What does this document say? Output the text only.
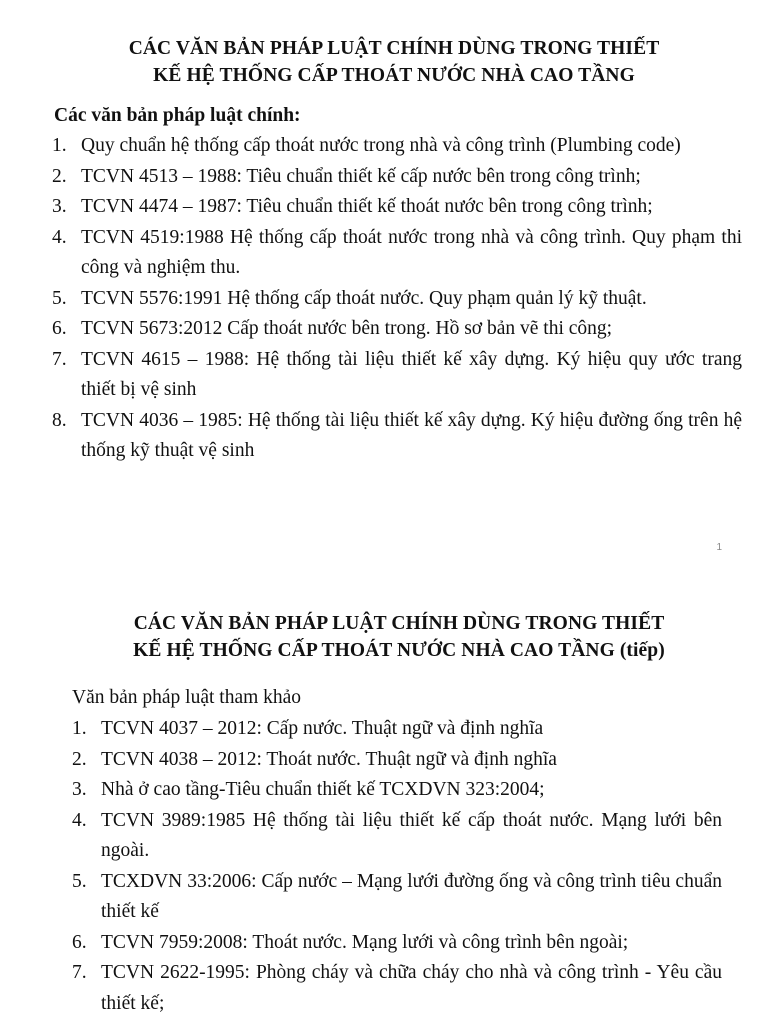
CÁC VĂN BẢN PHÁP LUẬT CHÍNH DÙNG TRONG THIẾT
KẾ HỆ THỐNG CẤP THOÁT NƯỚC NHÀ CAO TẦNG
Các văn bản pháp luật chính:
1. Quy chuẩn hệ thống cấp thoát nước trong nhà và công trình (Plumbing code)
2. TCVN 4513 – 1988: Tiêu chuẩn thiết kế cấp nước bên trong công trình;
3. TCVN 4474 – 1987: Tiêu chuẩn thiết kế thoát nước bên trong công trình;
4. TCVN 4519:1988 Hệ thống cấp thoát nước trong nhà và công trình. Quy phạm thi công và nghiệm thu.
5. TCVN 5576:1991 Hệ thống cấp thoát nước. Quy phạm quản lý kỹ thuật.
6. TCVN 5673:2012 Cấp thoát nước bên trong. Hồ sơ bản vẽ thi công;
7. TCVN 4615 – 1988: Hệ thống tài liệu thiết kế xây dựng. Ký hiệu quy ước trang thiết bị vệ sinh
8. TCVN 4036 – 1985: Hệ thống tài liệu thiết kế xây dựng. Ký hiệu đường ống trên hệ thống kỹ thuật vệ sinh
1
CÁC VĂN BẢN PHÁP LUẬT CHÍNH DÙNG TRONG THIẾT
KẾ HỆ THỐNG CẤP THOÁT NƯỚC NHÀ CAO TẦNG (tiếp)
Văn bản pháp luật tham khảo
1. TCVN 4037 – 2012: Cấp nước. Thuật ngữ và định nghĩa
2. TCVN 4038 – 2012: Thoát nước. Thuật ngữ và định nghĩa
3. Nhà ở cao tầng-Tiêu chuẩn thiết kế TCXDVN 323:2004;
4. TCVN 3989:1985 Hệ thống tài liệu thiết kế cấp thoát nước. Mạng lưới bên ngoài.
5. TCXDVN 33:2006: Cấp nước – Mạng lưới đường ống và công trình tiêu chuẩn thiết kế
6. TCVN 7959:2008: Thoát nước. Mạng lưới và công trình bên ngoài;
7. TCVN 2622-1995: Phòng cháy và chữa cháy cho nhà và công trình - Yêu cầu thiết kế;
